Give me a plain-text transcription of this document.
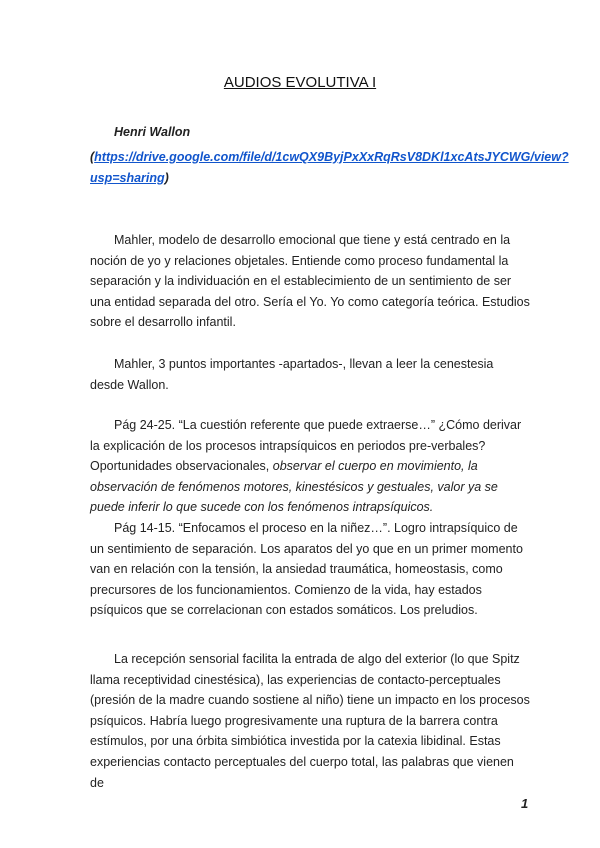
AUDIOS EVOLUTIVA I

Henri Wallon

(https://drive.google.com/file/d/1cwQX9ByjPxXxRqRsV8DKl1xcAtsJYCWG/view?usp=sharing)

Mahler, modelo de desarrollo emocional que tiene y está centrado en la noción de yo y relaciones objetales. Entiende como proceso fundamental la separación y la individuación en el establecimiento de un sentimiento de ser una entidad separada del otro. Sería el Yo. Yo como categoría teórica. Estudios sobre el desarrollo infantil.

Mahler, 3 puntos importantes -apartados-, llevan a leer la cenestesia desde Wallon.

Pág 24-25. “La cuestión referente que puede extraerse…” ¿Cómo derivar la explicación de los procesos intrapsíquicos en periodos pre-verbales? Oportunidades observacionales, observar el cuerpo en movimiento, la observación de fenómenos motores, kinestésicos y gestuales, valor ya se puede inferir lo que sucede con los fenómenos intrapsíquicos.

Pág 14-15. “Enfocamos el proceso en la niñez…”. Logro intrapsíquico de un sentimiento de separación. Los aparatos del yo que en un primer momento van en relación con la tensión, la ansiedad traumática, homeostasis, como precursores de los funcionamientos. Comienzo de la vida, hay estados psíquicos que se correlacionan con estados somáticos. Los preludios.

La recepción sensorial facilita la entrada de algo del exterior (lo que Spitz llama receptividad cinestésica), las experiencias de contacto-perceptuales (presión de la madre cuando sostiene al niño) tiene un impacto en los procesos psíquicos. Habría luego progresivamente una ruptura de la barrera contra estímulos, por una órbita simbiótica investida por la catexia libidinal. Estas experiencias contacto perceptuales del cuerpo total, las palabras que vienen de

1
